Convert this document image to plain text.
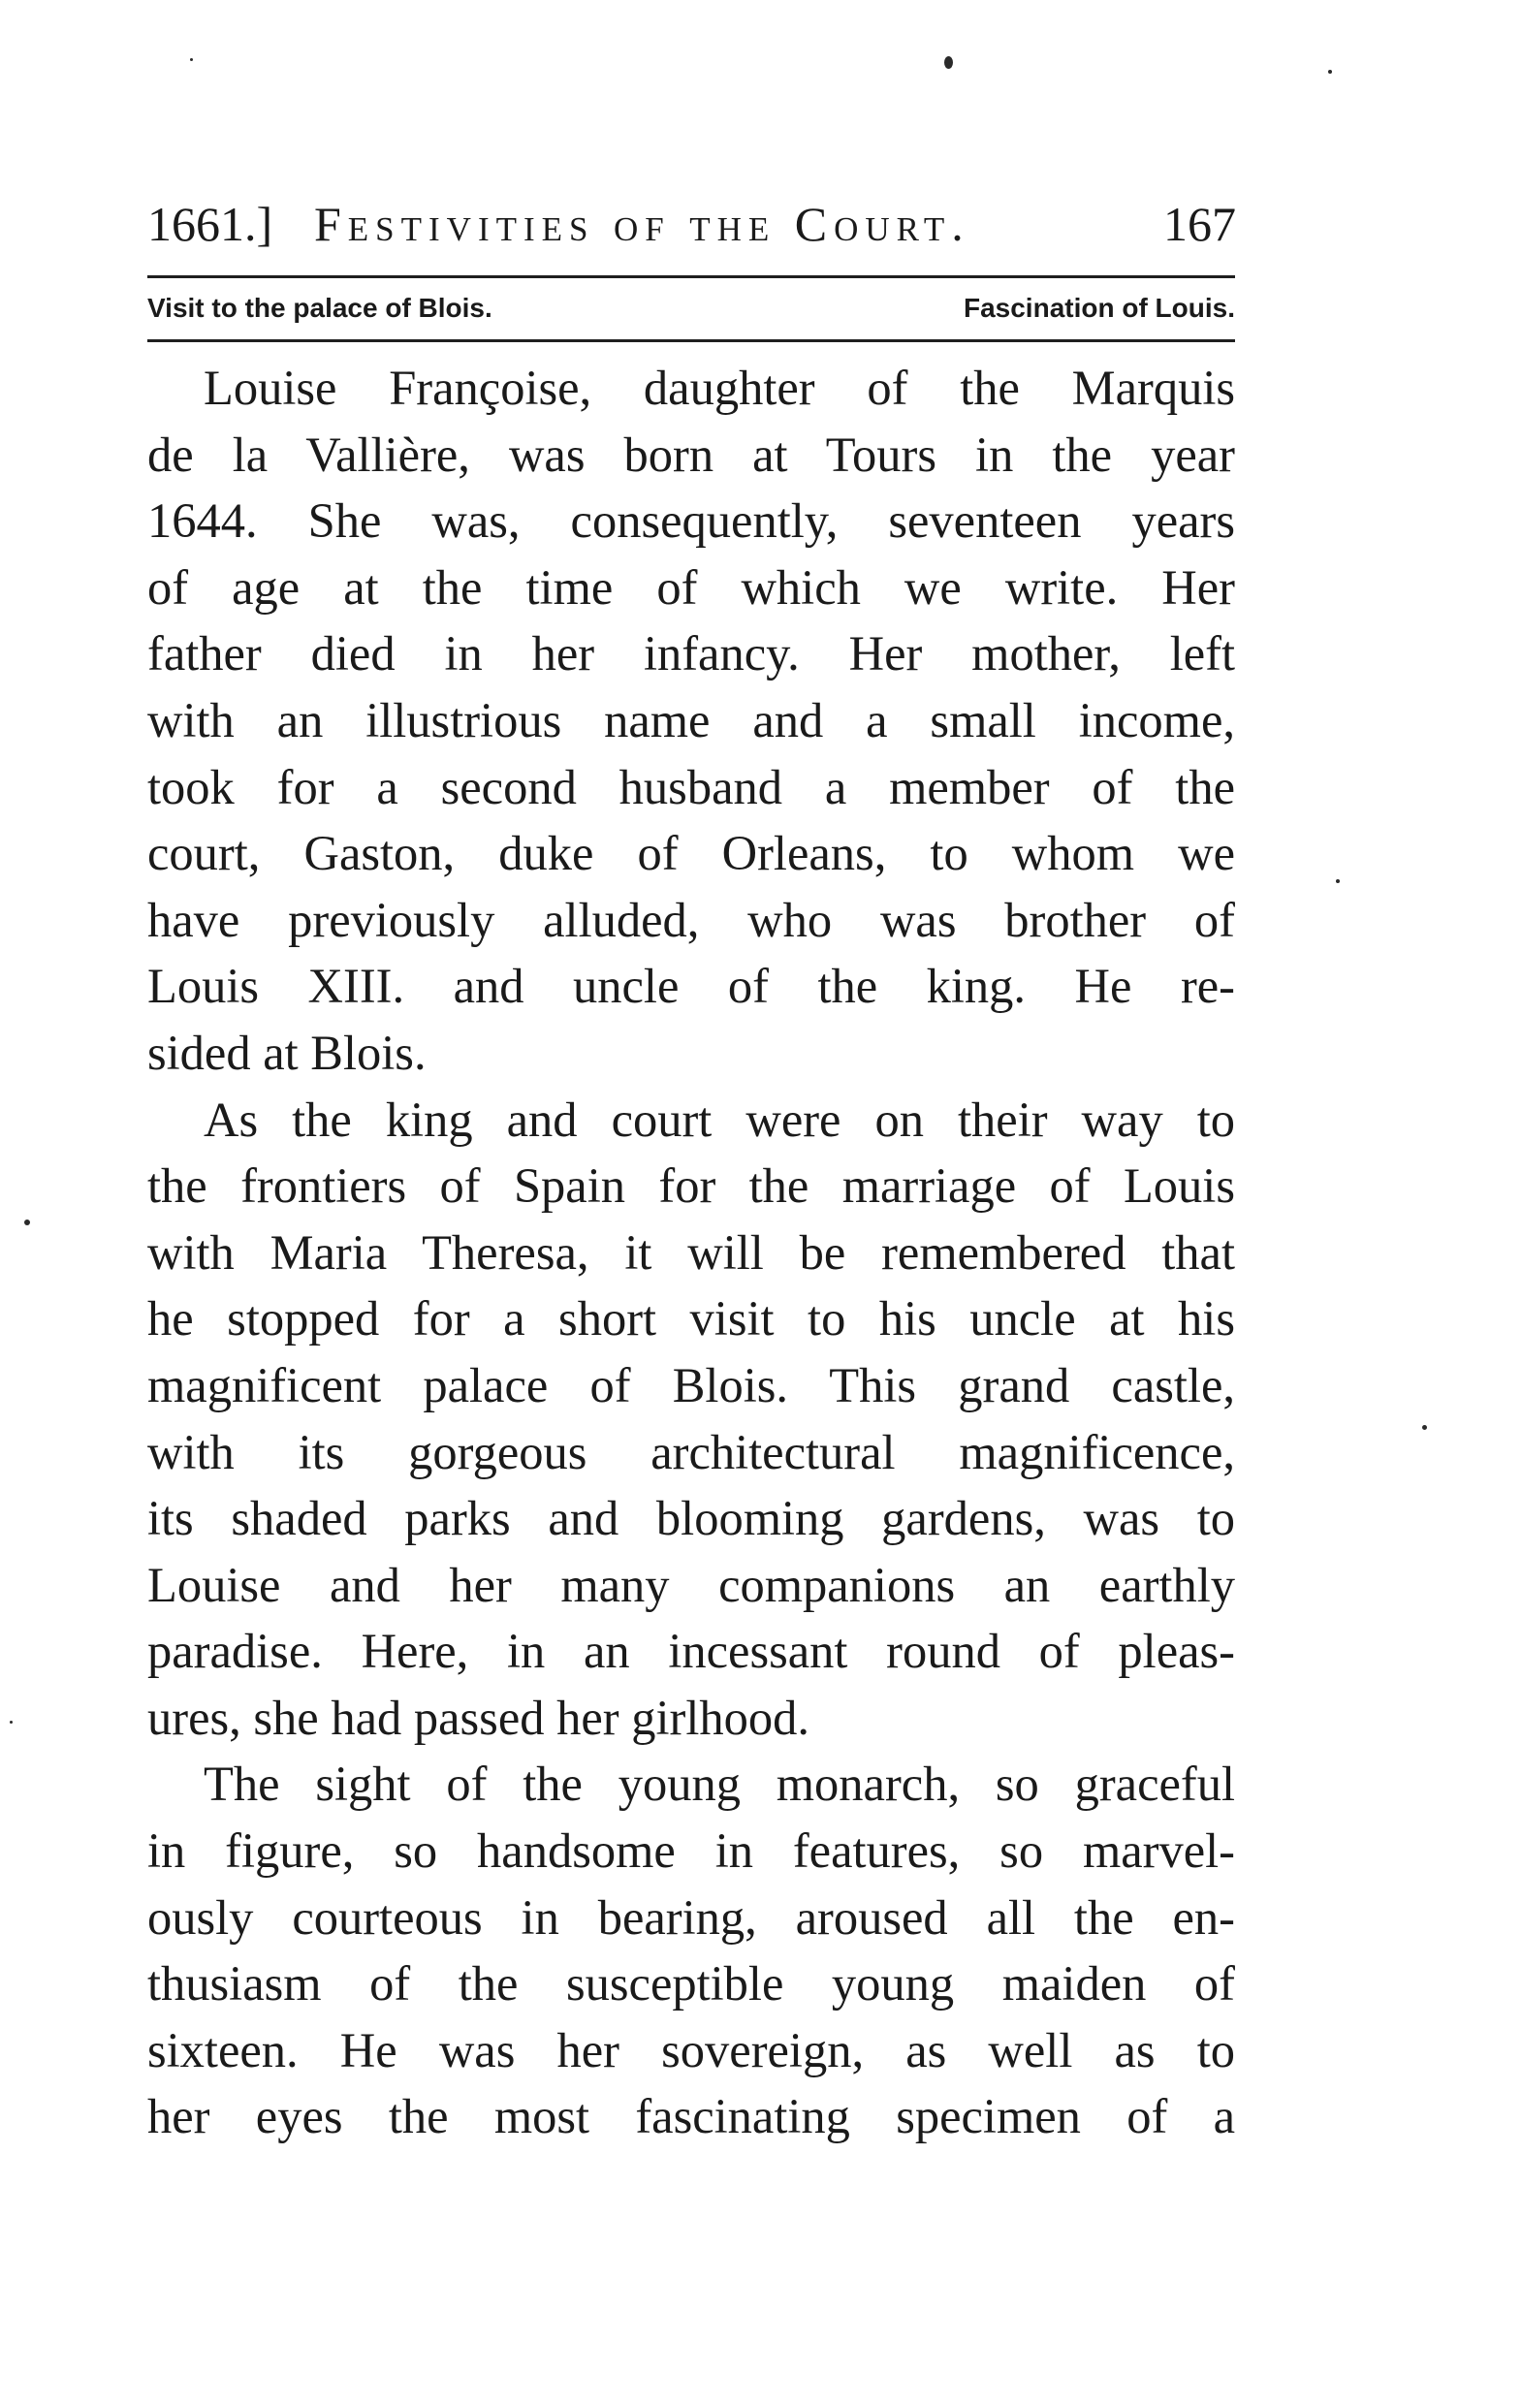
1661.] Festivities of the Court.	167
Visit to the palace of Blois.	Fascination of Louis.
Louise Françoise, daughter of the Marquis
de la Vallière, was born at Tours in the year
1644. She was, consequently, seventeen years
of age at the time of which we write. Her
father died in her infancy. Her mother, left
with an illustrious name and a small income,
took for a second husband a member of the
court, Gaston, duke of Orleans, to whom we
have previously alluded, who was brother of
Louis XIII. and uncle of the king. He re-
sided at Blois.
As the king and court were on their way to
the frontiers of Spain for the marriage of Louis
with Maria Theresa, it will be remembered that
he stopped for a short visit to his uncle at his
magnificent palace of Blois. This grand castle,
with its gorgeous architectural magnificence,
its shaded parks and blooming gardens, was to
Louise and her many companions an earthly
paradise. Here, in an incessant round of pleas-
ures, she had passed her girlhood.
The sight of the young monarch, so graceful
in figure, so handsome in features, so marvel-
ously courteous in bearing, aroused all the en-
thusiasm of the susceptible young maiden of
sixteen. He was her sovereign, as well as to
her eyes the most fascinating specimen of a
